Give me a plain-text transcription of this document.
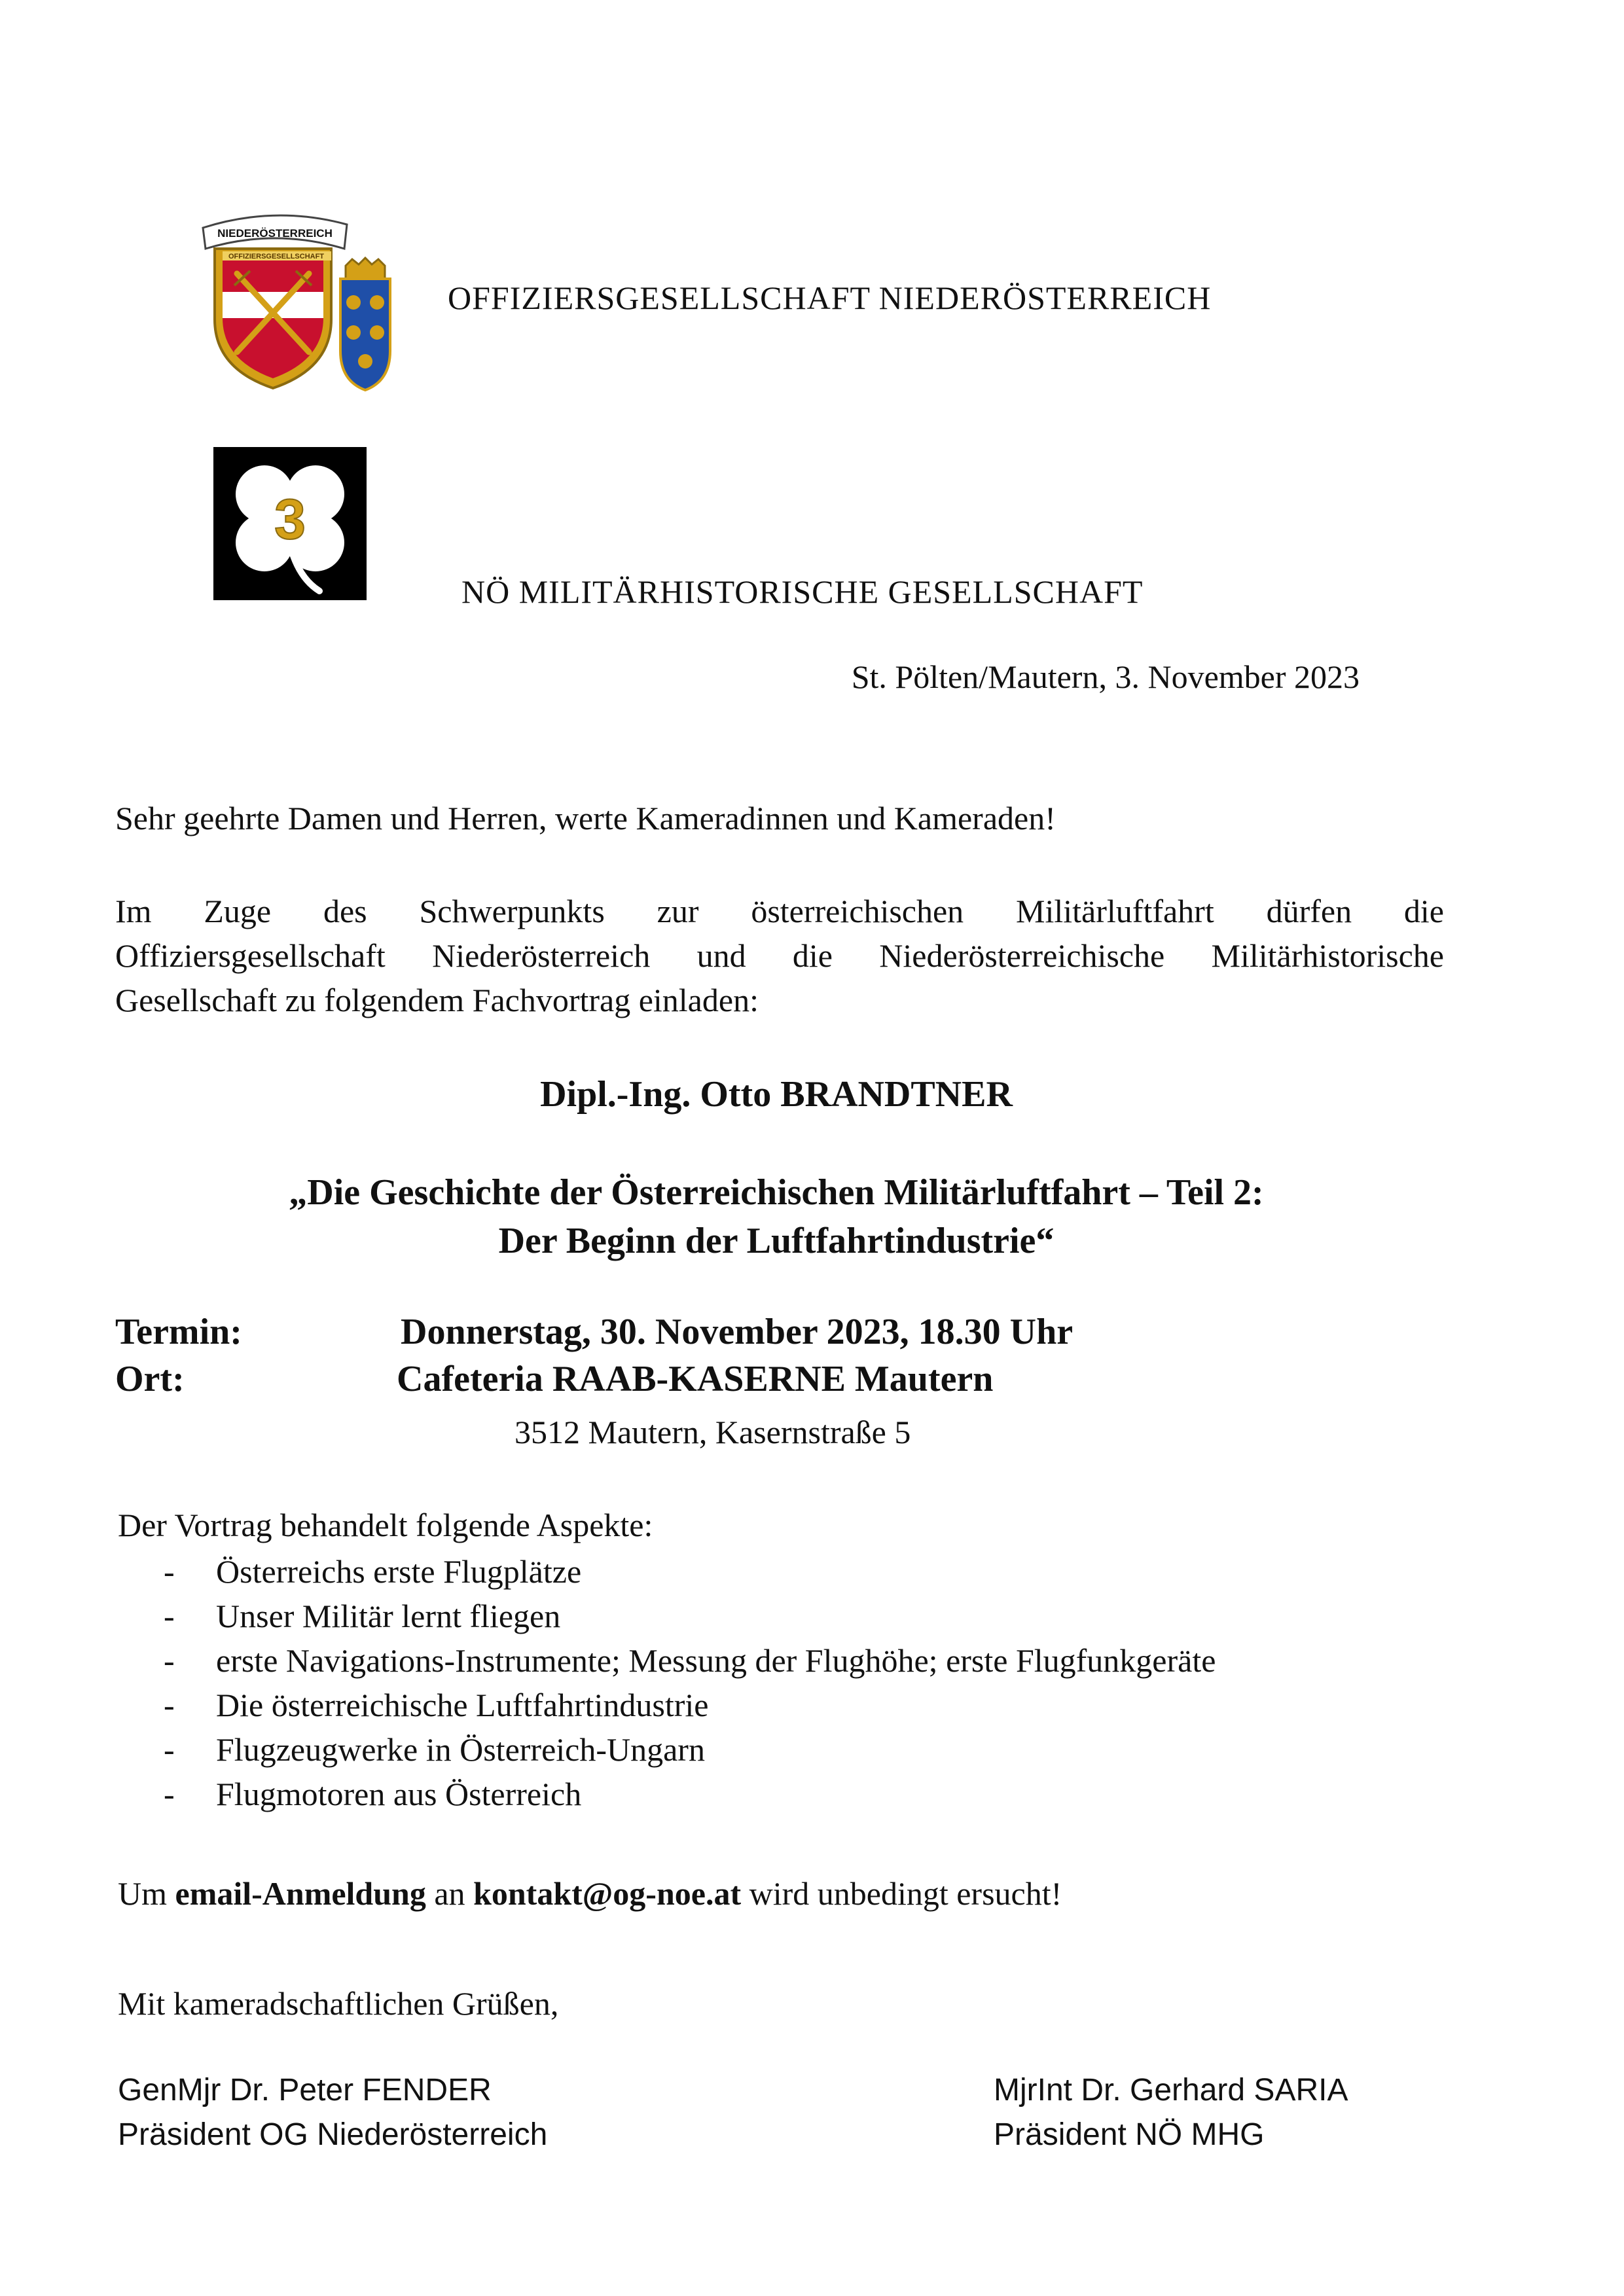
NIEDERÖSTERREICH
OFFIZIERSGESELLSCHAFT
OFFIZIERSGESELLSCHAFT NIEDERÖSTERREICH
3
NÖ MILITÄRHISTORISCHE GESELLSCHAFT
St. Pölten/Mautern, 3. November 2023
Sehr geehrte Damen und Herren, werte Kameradinnen und Kameraden!
Im Zuge des Schwerpunkts zur österreichischen Militärluftfahrt dürfen die
Offiziersgesellschaft Niederösterreich und die Niederösterreichische Militärhistorische
Gesellschaft zu folgendem Fachvortrag einladen:
Dipl.-Ing. Otto BRANDTNER
„Die Geschichte der Österreichischen Militärluftfahrt – Teil 2:
Der Beginn der Luftfahrtindustrie“
Termin:	Donnerstag, 30. November 2023, 18.30 Uhr
Ort:	Cafeteria RAAB-KASERNE Mautern
3512 Mautern, Kasernstraße 5
Der Vortrag behandelt folgende Aspekte:
- Österreichs erste Flugplätze
- Unser Militär lernt fliegen
- erste Navigations-Instrumente; Messung der Flughöhe; erste Flugfunkgeräte
- Die österreichische Luftfahrtindustrie
- Flugzeugwerke in Österreich-Ungarn
- Flugmotoren aus Österreich
Um email-Anmeldung an kontakt@og-noe.at wird unbedingt ersucht!
Mit kameradschaftlichen Grüßen,
GenMjr Dr. Peter FENDER
Präsident OG Niederösterreich
MjrInt Dr. Gerhard SARIA
Präsident NÖ MHG
